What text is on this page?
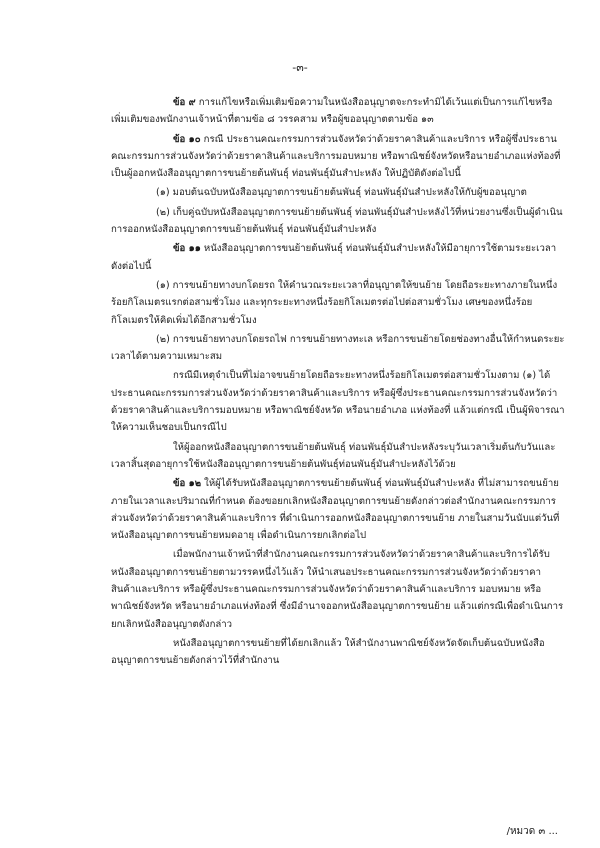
-๓-

ข้อ ๙ การแก้ไขหรือเพิ่มเติมข้อความในหนังสืออนุญาตจะกระทำมิได้เว้นแต่เป็นการแก้ไขหรือเพิ่มเติมของพนักงานเจ้าหน้าที่ตามข้อ ๘ วรรคสาม หรือผู้ขออนุญาตตามข้อ ๑๓

ข้อ ๑๐ กรณี ประธานคณะกรรมการส่วนจังหวัดว่าด้วยราคาสินค้าและบริการ หรือผู้ซึ่งประธานคณะกรรมการส่วนจังหวัดว่าด้วยราคาสินค้าและบริการมอบหมาย หรือพาณิชย์จังหวัดหรือนายอำเภอแห่งท้องที่ เป็นผู้ออกหนังสืออนุญาตการขนย้ายต้นพันธุ์ ท่อนพันธุ์มันสำปะหลัง ให้ปฏิบัติดังต่อไปนี้

(๑) มอบต้นฉบับหนังสืออนุญาตการขนย้ายต้นพันธุ์ ท่อนพันธุ์มันสำปะหลังให้กับผู้ขออนุญาต

(๒) เก็บคู่ฉบับหนังสืออนุญาตการขนย้ายต้นพันธุ์ ท่อนพันธุ์มันสำปะหลังไว้ที่หน่วยงานซึ่งเป็นผู้ดำเนินการออกหนังสืออนุญาตการขนย้ายต้นพันธุ์ ท่อนพันธุ์มันสำปะหลัง

ข้อ ๑๑ หนังสืออนุญาตการขนย้ายต้นพันธุ์ ท่อนพันธุ์มันสำปะหลังให้มีอายุการใช้ตามระยะเวลา ดังต่อไปนี้

(๑) การขนย้ายทางบกโดยรถ ให้คำนวณระยะเวลาที่อนุญาตให้ขนย้าย โดยถือระยะทางภายในหนึ่งร้อยกิโลเมตรแรกต่อสามชั่วโมง และทุกระยะทางหนึ่งร้อยกิโลเมตรต่อไปต่อสามชั่วโมง เศษของหนึ่งร้อยกิโลเมตรให้คิดเพิ่มได้อีกสามชั่วโมง

(๒) การขนย้ายทางบกโดยรถไฟ การขนย้ายทางทะเล หรือการขนย้ายโดยช่องทางอื่นให้กำหนดระยะเวลาได้ตามความเหมาะสม

กรณีมีเหตุจำเป็นที่ไม่อาจขนย้ายโดยถือระยะทางหนึ่งร้อยกิโลเมตรต่อสามชั่วโมงตาม (๑) ได้ ประธานคณะกรรมการส่วนจังหวัดว่าด้วยราคาสินค้าและบริการ หรือผู้ซึ่งประธานคณะกรรมการส่วนจังหวัดว่าด้วยราคาสินค้าและบริการมอบหมาย หรือพาณิชย์จังหวัด หรือนายอำเภอ แห่งท้องที่ แล้วแต่กรณี เป็นผู้พิจารณาให้ความเห็นชอบเป็นกรณีไป

ให้ผู้ออกหนังสืออนุญาตการขนย้ายต้นพันธุ์ ท่อนพันธุ์มันสำปะหลังระบุวันเวลาเริ่มต้นกับวันและเวลาสิ้นสุดอายุการใช้หนังสืออนุญาตการขนย้ายต้นพันธุ์ท่อนพันธุ์มันสำปะหลังไว้ด้วย

ข้อ ๑๒ ให้ผู้ได้รับหนังสืออนุญาตการขนย้ายต้นพันธุ์ ท่อนพันธุ์มันสำปะหลัง ที่ไม่สามารถขนย้ายภายในเวลาและปริมาณที่กำหนด ต้องขอยกเลิกหนังสืออนุญาตการขนย้ายดังกล่าวต่อสำนักงานคณะกรรมการส่วนจังหวัดว่าด้วยราคาสินค้าและบริการ ที่ดำเนินการออกหนังสืออนุญาตการขนย้าย ภายในสามวันนับแต่วันที่หนังสืออนุญาตการขนย้ายหมดอายุ เพื่อดำเนินการยกเลิกต่อไป

เมื่อพนักงานเจ้าหน้าที่สำนักงานคณะกรรมการส่วนจังหวัดว่าด้วยราคาสินค้าและบริการได้รับหนังสืออนุญาตการขนย้ายตามวรรคหนึ่งไว้แล้ว ให้นำเสนอประธานคณะกรรมการส่วนจังหวัดว่าด้วยราคาสินค้าและบริการ หรือผู้ซึ่งประธานคณะกรรมการส่วนจังหวัดว่าด้วยราคาสินค้าและบริการ มอบหมาย หรือพาณิชย์จังหวัด หรือนายอำเภอแห่งท้องที่ ซึ่งมีอำนาจออกหนังสืออนุญาตการขนย้าย แล้วแต่กรณีเพื่อดำเนินการยกเลิกหนังสืออนุญาตดังกล่าว

หนังสืออนุญาตการขนย้ายที่ได้ยกเลิกแล้ว ให้สำนักงานพาณิชย์จังหวัดจัดเก็บต้นฉบับหนังสืออนุญาตการขนย้ายดังกล่าวไว้ที่สำนักงาน

/หมวด ๓ ...
